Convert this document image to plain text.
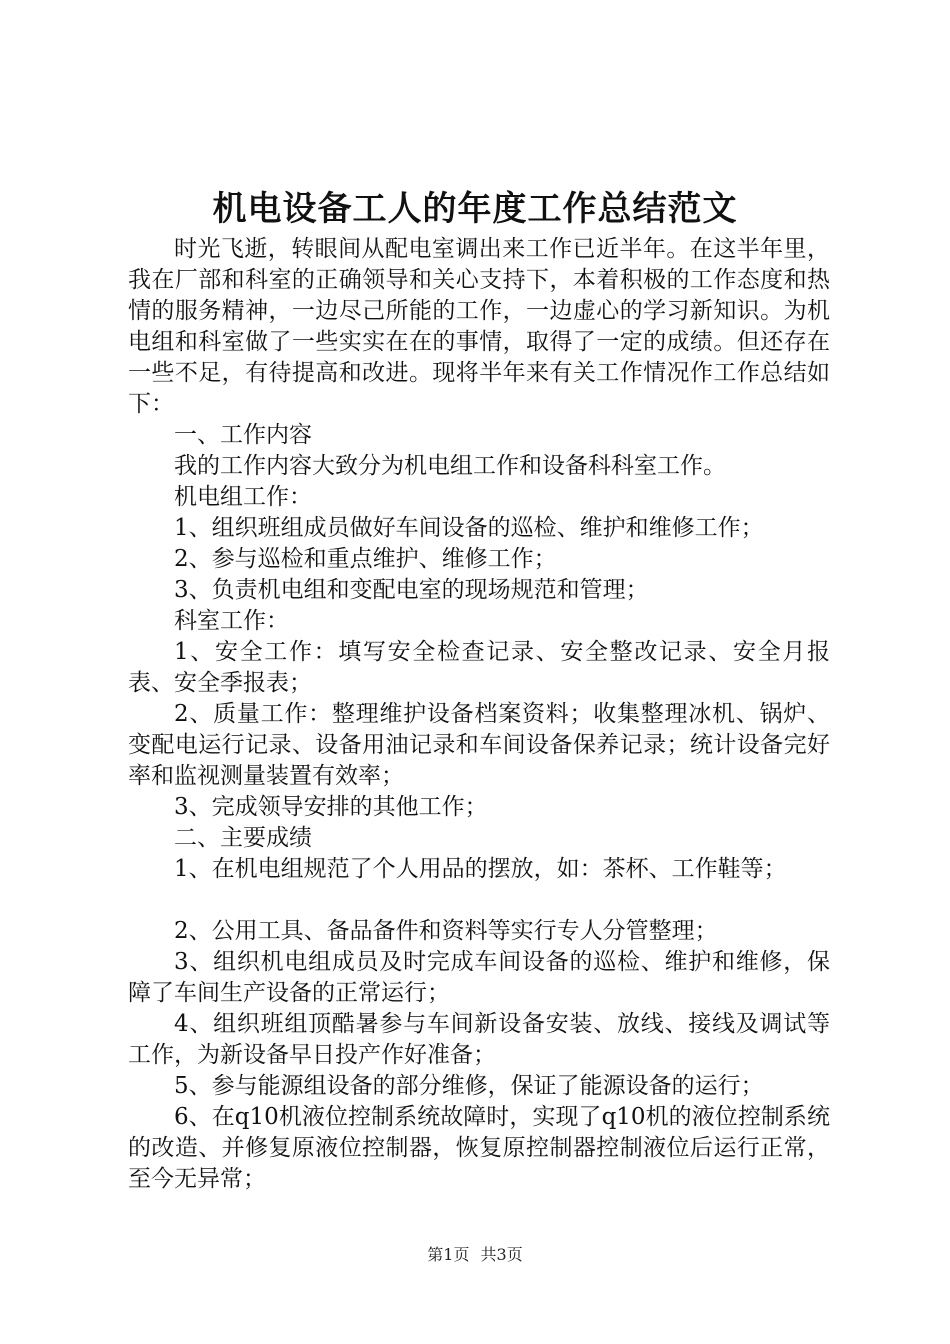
机电设备工人的年度工作总结范文

时光飞逝，转眼间从配电室调出来工作已近半年。在这半年里，我在厂部和科室的正确领导和关心支持下，本着积极的工作态度和热情的服务精神，一边尽己所能的工作，一边虚心的学习新知识。为机电组和科室做了一些实实在在的事情，取得了一定的成绩。但还存在一些不足，有待提高和改进。现将半年来有关工作情况作工作总结如下：

一、工作内容

我的工作内容大致分为机电组工作和设备科科室工作。

机电组工作：

1、组织班组成员做好车间设备的巡检、维护和维修工作；

2、参与巡检和重点维护、维修工作；

3、负责机电组和变配电室的现场规范和管理；

科室工作：

1、安全工作：填写安全检查记录、安全整改记录、安全月报表、安全季报表；

2、质量工作：整理维护设备档案资料；收集整理冰机、锅炉、变配电运行记录、设备用油记录和车间设备保养记录；统计设备完好率和监视测量装置有效率；

3、完成领导安排的其他工作；

二、主要成绩

1、在机电组规范了个人用品的摆放，如：茶杯、工作鞋等；

2、公用工具、备品备件和资料等实行专人分管整理；

3、组织机电组成员及时完成车间设备的巡检、维护和维修，保障了车间生产设备的正常运行；

4、组织班组顶酷暑参与车间新设备安装、放线、接线及调试等工作，为新设备早日投产作好准备；

5、参与能源组设备的部分维修，保证了能源设备的运行；

6、在q10机液位控制系统故障时，实现了q10机的液位控制系统的改造、并修复原液位控制器，恢复原控制器控制液位后运行正常，至今无异常；

第1页 共3页
